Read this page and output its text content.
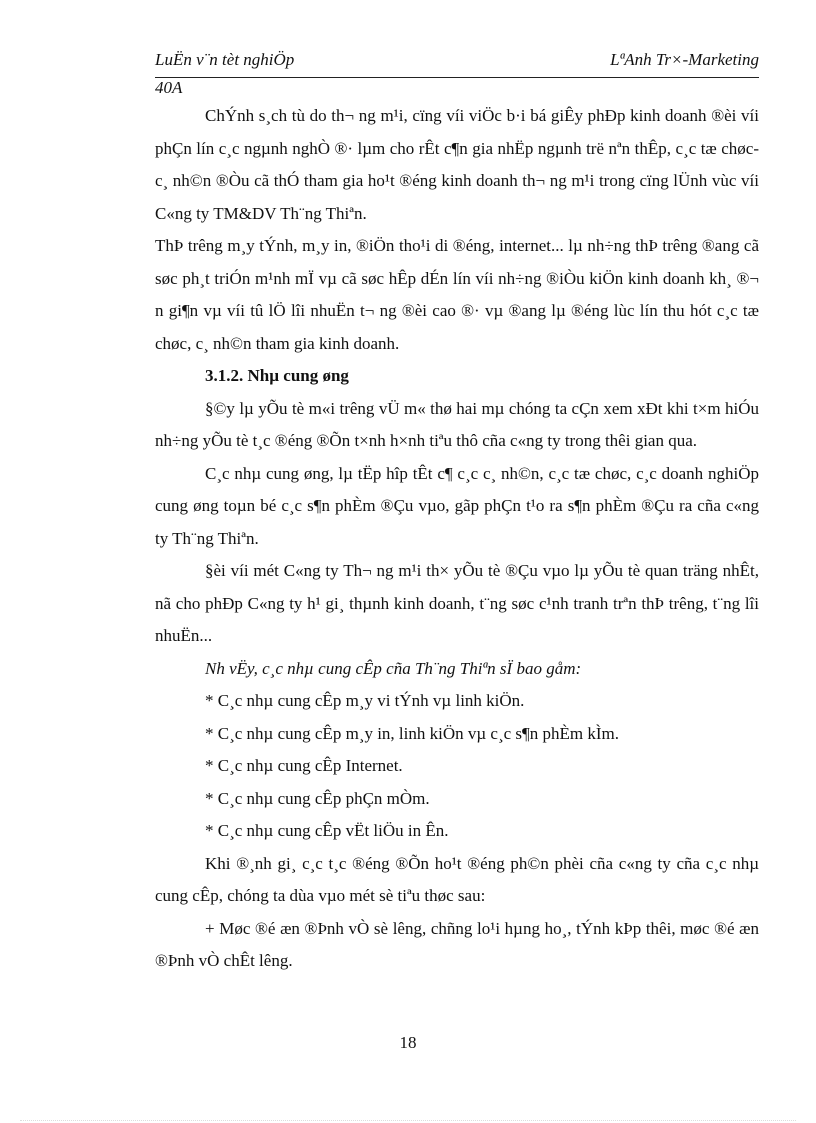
LuËn v¨n tèt nghiÖp	LªAnh Tr×-Marketing
40A

ChÝnh s¸ch tù do th¬ ng m¹i, cïng víi viÖc b·i bá giÊy phÐp kinh doanh ®èi víi phÇn lín c¸c ngµnh nghÒ ®· lµm cho rÊt c¶n gia nhËp ngµnh trë nªn thÊp, c¸c tæ chøc-c¸ nh©n ®Òu cã thÓ tham gia ho¹t ®éng kinh doanh th¬ ng m¹i trong cïng lÜnh vùc víi C«ng ty TM&DV Th¨ng Thiªn.

ThÞ trêng m¸y tÝnh, m¸y in, ®iÖn tho¹i di ®éng, internet... lµ nh÷ng thÞ trêng ®ang cã søc ph¸t triÓn m¹nh mÏ vµ cã søc hÊp dÉn lín víi nh÷ng ®iÒu kiÖn kinh doanh kh¸ ®¬ n gi¶n vµ víi tû lÖ lîi nhuËn t¬ ng ®èi cao ®· vµ ®ang lµ ®éng lùc lín thu hót c¸c tæ chøc, c¸ nh©n tham gia kinh doanh.

3.1.2. Nhµ cung øng

§©y lµ yÕu tè m«i trêng vÜ m« thø hai mµ chóng ta cÇn xem xÐt khi t×m hiÓu nh÷ng yÕu tè t¸c ®éng ®Õn t×nh h×nh tiªu thô cña c«ng ty trong thêi gian qua.

C¸c nhµ cung øng, lµ tËp hîp tÊt c¶ c¸c c¸ nh©n, c¸c tæ chøc, c¸c doanh nghiÖp cung øng toµn bé c¸c s¶n phÈm ®Çu vµo, gãp phÇn t¹o ra s¶n phÈm ®Çu ra cña c«ng ty Th¨ng Thiªn.

§èi víi mét C«ng ty Th¬ ng m¹i th× yÕu tè ®Çu vµo lµ yÕu tè quan träng nhÊt, nã cho phÐp C«ng ty h¹ gi¸ thµnh kinh doanh, t¨ng søc c¹nh tranh trªn thÞ trêng, t¨ng lîi nhuËn...

Nh vËy, c¸c nhµ cung cÊp cña Th¨ng Thiªn sÏ bao gåm:

* C¸c nhµ cung cÊp m¸y vi tÝnh vµ linh kiÖn.

* C¸c nhµ cung cÊp m¸y in, linh kiÖn vµ c¸c s¶n phÈm kÌm.

* C¸c nhµ cung cÊp Internet.

* C¸c nhµ cung cÊp phÇn mÒm.

* C¸c nhµ cung cÊp vËt liÖu in Ên.

Khi ®¸nh gi¸ c¸c t¸c ®éng ®Õn ho¹t ®éng ph©n phèi cña c«ng ty cña c¸c nhµ cung cÊp, chóng ta dùa vµo mét sè tiªu thøc sau:

+ Møc ®é æn ®Þnh vÒ sè lêng, chñng lo¹i hµng ho¸, tÝnh kÞp thêi, møc ®é æn ®Þnh vÒ chÊt lêng.

18
